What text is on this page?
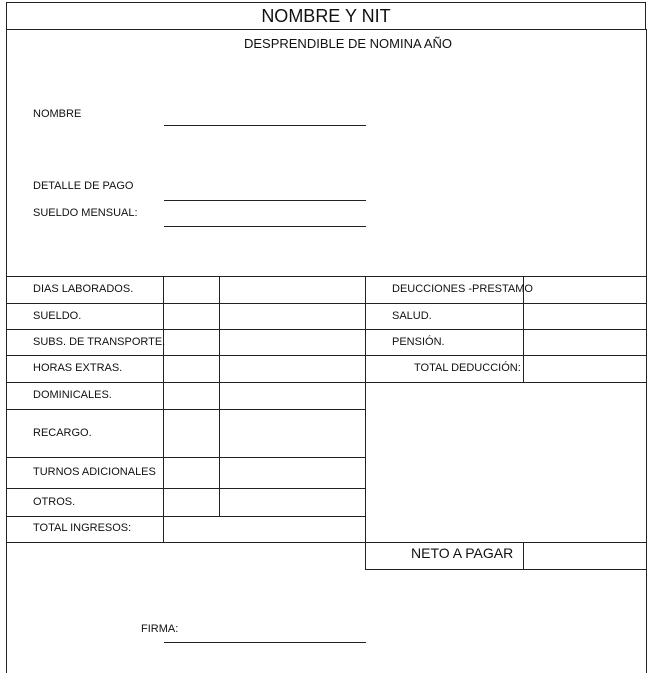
NOMBRE Y NIT
DESPRENDIBLE DE NOMINA AÑO
NOMBRE
DETALLE DE PAGO
SUELDO MENSUAL:
DIAS LABORADOS.
SUELDO.
SUBS. DE TRANSPORTE.
HORAS EXTRAS.
DOMINICALES.
RECARGO.
TURNOS ADICIONALES
OTROS.
TOTAL INGRESOS:
DEUCCIONES -PRESTAMO
SALUD.
PENSIÓN.
TOTAL DEDUCCIÓN:
NETO A PAGAR
FIRMA:
